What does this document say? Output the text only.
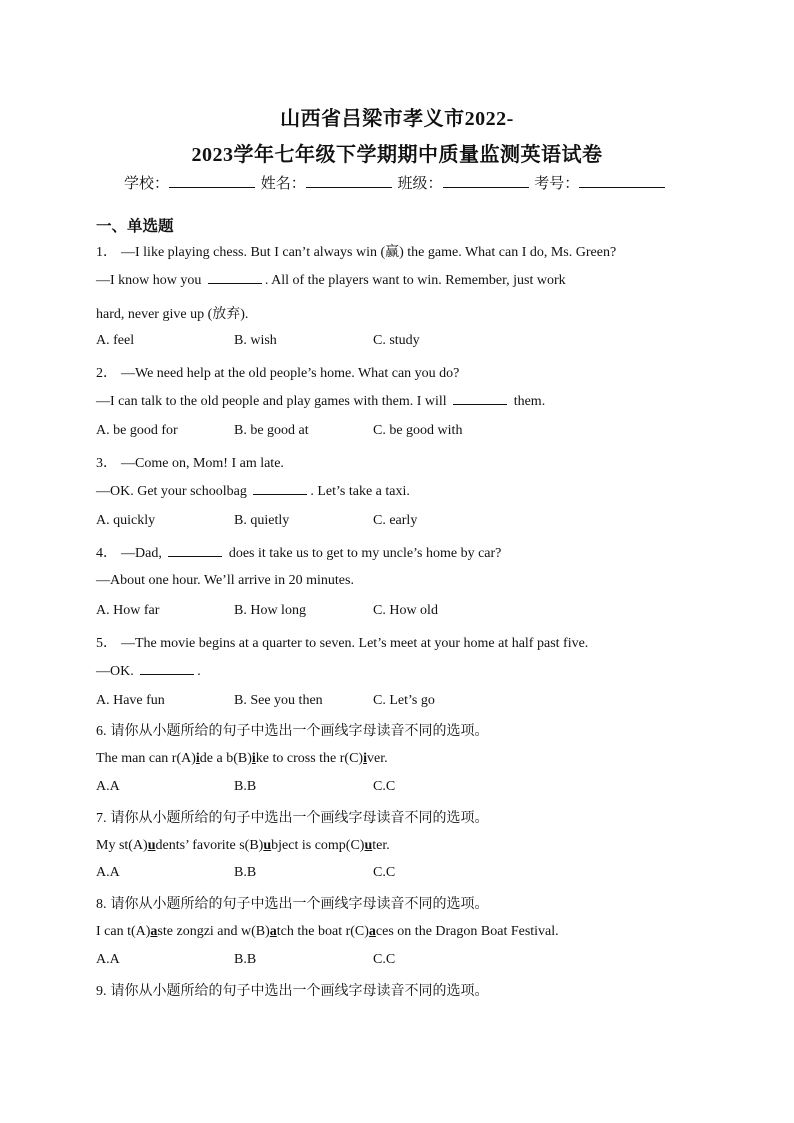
山西省吕梁市孝义市2022-
2023学年七年级下学期期中质量监测英语试卷
学校：	姓名：	班级：	考号：
一、单选题
1． —I like playing chess. But I can’t always win (赢) the game. What can I do, Ms. Green?
—I know how you	. All of the players want to win. Remember, just work
hard, never give up (放弃).
A. feel	B. wish	C. study
2． —We need help at the old people’s home. What can you do?
—I can talk to the old people and play games with them. I will	them.
A. be good for	B. be good at	C. be good with
3． —Come on, Mom! I am late.
—OK. Get your schoolbag	. Let’s take a taxi.
A. quickly	B. quietly	C. early
4． —Dad,	does it take us to get to my uncle’s home by car?
—About one hour. We’ll arrive in 20 minutes.
A. How far	B. How long	C. How old
5． —The movie begins at a quarter to seven. Let’s meet at your home at half past five.
—OK.	.
A. Have fun	B. See you then	C. Let’s go
6. 请你从小题所给的句子中选出一个画线字母读音不同的选项。
The man can r(A)ide a b(B)ike to cross the r(C)iver.
A.A	B.B	C.C
7. 请你从小题所给的句子中选出一个画线字母读音不同的选项。
My st(A)udents’ favorite s(B)ubject is comp(C)uter.
A.A	B.B	C.C
8. 请你从小题所给的句子中选出一个画线字母读音不同的选项。
I can t(A)aste zongzi and w(B)atch the boat r(C)aces on the Dragon Boat Festival.
A.A	B.B	C.C
9. 请你从小题所给的句子中选出一个画线字母读音不同的选项。
